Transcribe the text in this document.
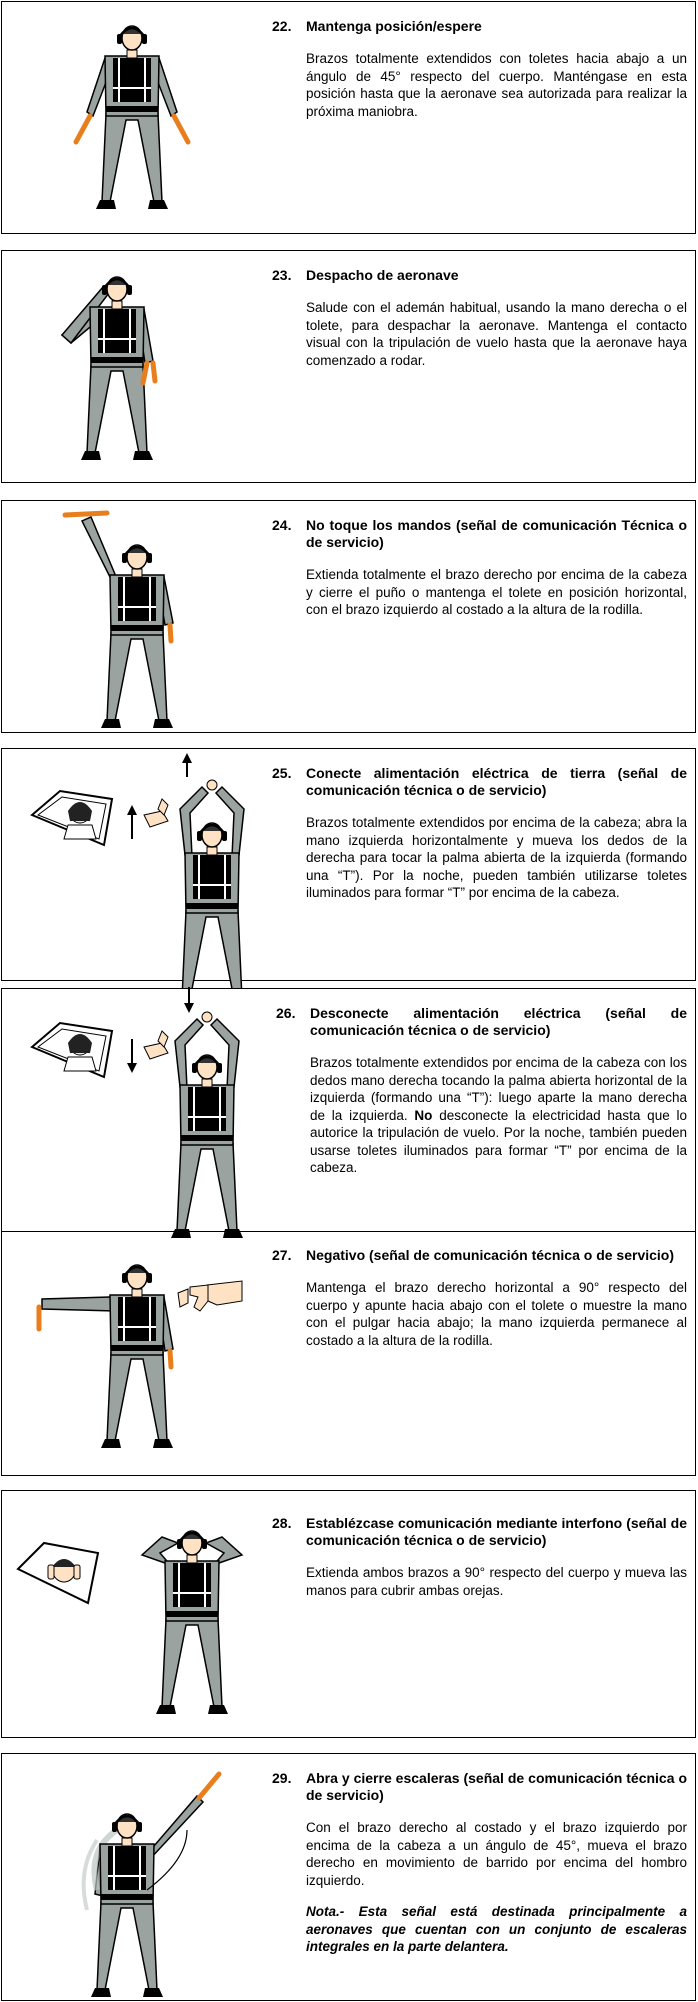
22.	Mantenga posición/espere
Brazos totalmente extendidos con toletes hacia abajo a un ángulo de 45° respecto del cuerpo. Manténgase en esta posición hasta que la aeronave sea autorizada para realizar la próxima maniobra.
23.	Despacho de aeronave
Salude con el ademán habitual, usando la mano derecha o el tolete, para despachar la aeronave. Mantenga el contacto visual con la tripulación de vuelo hasta que la aeronave haya comenzado a rodar.
24.	No toque los mandos (señal de comunicación Técnica o de servicio)
Extienda totalmente el brazo derecho por encima de la cabeza y cierre el puño o mantenga el tolete en posición horizontal, con el brazo izquierdo al costado a la altura de la rodilla.
25.	Conecte alimentación eléctrica de tierra (señal de comunicación técnica o de servicio)
Brazos totalmente extendidos por encima de la cabeza; abra la mano izquierda horizontalmente y mueva los dedos de la derecha para tocar la palma abierta de la izquierda (formando una “T”). Por la noche, pueden también utilizarse toletes iluminados para formar “T” por encima de la cabeza.
26.	Desconecte alimentación eléctrica (señal de comunicación técnica o de servicio)
Brazos totalmente extendidos por encima de la cabeza con los dedos mano derecha tocando la palma abierta horizontal de la izquierda (formando una “T”): luego aparte la mano derecha de la izquierda. No desconecte la electricidad hasta que lo autorice la tripulación de vuelo. Por la noche, también pueden usarse toletes iluminados para formar “T” por encima de la cabeza.
27.	Negativo (señal de comunicación técnica o de servicio)
Mantenga el brazo derecho horizontal a 90° respecto del cuerpo y apunte hacia abajo con el tolete o muestre la mano con el pulgar hacia abajo; la mano izquierda permanece al costado a la altura de la rodilla.
28.	Establézcase comunicación mediante interfono (señal de comunicación técnica o de servicio)
Extienda ambos brazos a 90° respecto del cuerpo y mueva las manos para cubrir ambas orejas.
29.	Abra y cierre escaleras (señal de comunicación técnica o de servicio)
Con el brazo derecho al costado y el brazo izquierdo por encima de la cabeza a un ángulo de 45°, mueva el brazo derecho en movimiento de barrido por encima del hombro izquierdo.
Nota.- Esta señal está destinada principalmente a aeronaves que cuentan con un conjunto de escaleras integrales en la parte delantera.
